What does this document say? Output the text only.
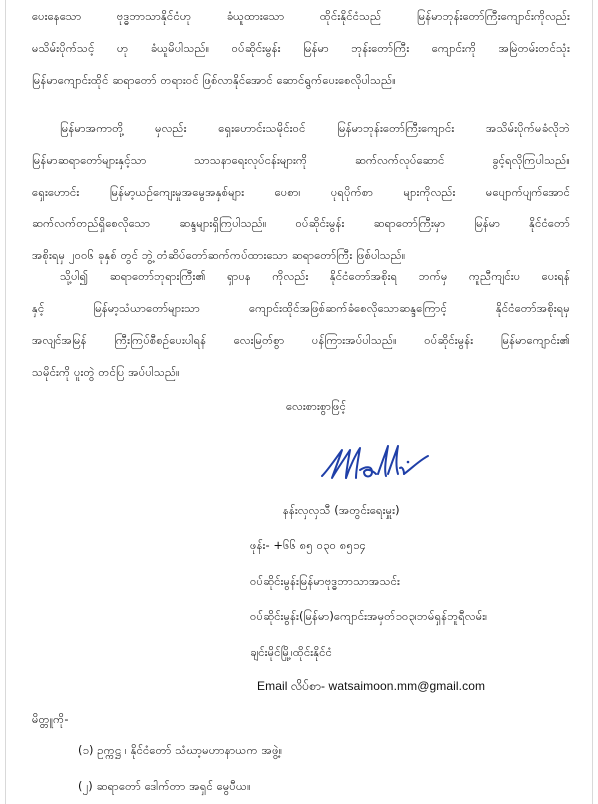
ပေးနေသော ဗုဒ္ဓဘာသာနိုင်ငံဟု ခံယူထားသော ထိုင်းနိုင်ငံသည် မြန်မာဘုန်းတော်ကြီးကျောင်းကိုလည်း
မသိမ်းပိုက်သင့် ဟု ခံယူမိပါသည်။ ဝပ်ဆိုင်းမွန်း မြန်မာ ဘုန်းတော်ကြီး ကျောင်းကို အမြဲတမ်းတင်သုံး
မြန်မာကျောင်းထိုင် ဆရာတော် တရားဝင် ဖြစ်လာနိုင်အောင် ဆောင်ရွက်ပေးစေလိုပါသည်။
မြန်မာအကာတို့ မှလည်း ရှေးဟောင်းသမိုင်းဝင် မြန်မာဘုန်းတော်ကြီးကျောင်း အသိမ်းပိုက်မခံလိုဘဲ
မြန်မာဆရာတော်များနှင့်သာ သာသနာရေးလုပ်ငန်းများကို ဆက်လက်လုပ်ဆောင် ခွင့်ရလိုကြပါသည်။
ရှေးဟောင်း မြန်မာ့ယဉ်ကျေးမှုအမွေအနှစ်များ ပေစာ၊ ပုရပိုက်စာ များကိုလည်း မပျောက်ပျက်အောင်
ဆက်လက်တည်ရှိစေလိုသော ဆန္ဒများရှိကြပါသည်။ ဝပ်ဆိုင်းမွန်း ဆရာတော်ကြီးမှာ မြန်မာ နိုင်ငံတော်
အစိုးရမှ ၂၀၀၆ ခုနှစ် တွင် ဘွဲ့ တံဆိပ်တော်ဆက်ကပ်ထားသော ဆရာတော်ကြီး ဖြစ်ပါသည်။
သို့ပါ၍ ဆရာတော်ဘုရားကြီး၏ ရှာပန ကိုလည်း နိုင်ငံတော်အစိုးရ ဘက်မှ ကူညီကျင်းပ ပေးရန်
နှင့် မြန်မာ့သံယာတော်များသာ ကျောင်းထိုင်အဖြစ်ဆက်ခံစေလိုသောဆန္ဒကြောင့် နိုင်ငံတော်အစိုးရမှ
အလျင်အမြန် ကြီးကြပ်စီစဉ်ပေးပါရန် လေးမြတ်စွာ ပန်ကြားအပ်ပါသည်။ ဝပ်ဆိုင်းမွန်း မြန်မာကျောင်း၏
သမိုင်းကို ပူးတွဲ တင်ပြ အပ်ပါသည်။
လေးစားစွာဖြင့်
နန်းလှလှသီ (အတွင်းရေးမှူး)
ဖုန်း- +၆၆ ၈၅ ၀၃၀ ၈၅၁၄
ဝပ်ဆိုင်းမွန်းမြန်မာဗုဒ္ဓဘာသာအသင်း
ဝပ်ဆိုင်းမွန်း(မြန်မာ)ကျောင်းအမှတ်၁၀၃၊ဘမ်ရှန်ဘူရီလမ်း၊
ချင်းမိုင်မြို့၊ထိုင်းနိုင်ငံ
Email လိပ်စာ- watsaimoon.mm@gmail.com
မိတ္တူကို-
(၁) ဥက္ကဋ္ဌ ၊ နိုင်ငံတော် သံဃာ့မဟာနာယက အဖွဲ့။
(၂) ဆရာတော် ဒေါက်တာ အရှင် မွေပီယ။
